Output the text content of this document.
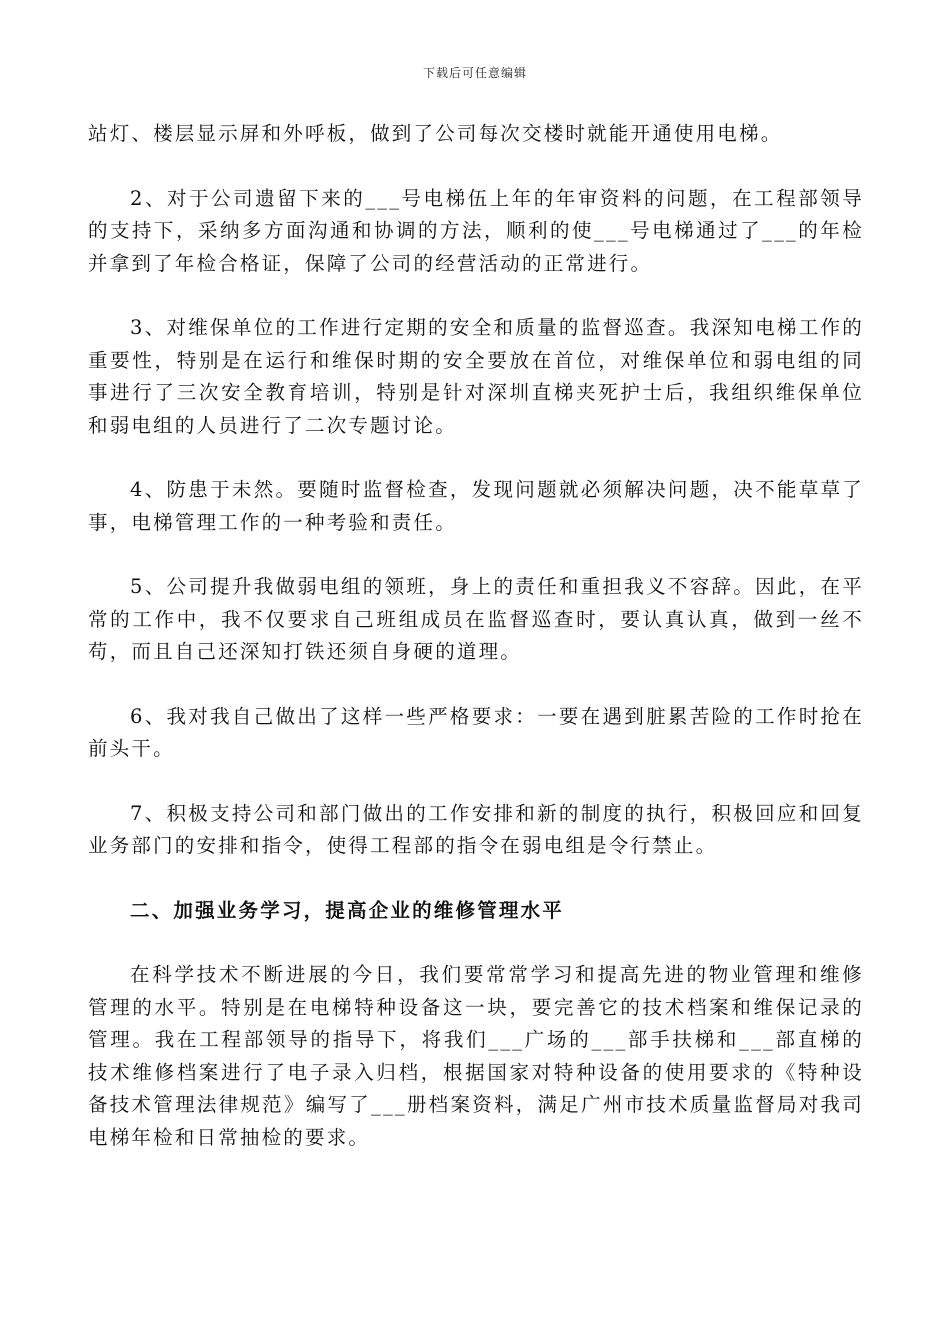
下载后可任意编辑

站灯、楼层显示屏和外呼板，做到了公司每次交楼时就能开通使用电梯。

2、对于公司遗留下来的___号电梯伍上年的年审资料的问题，在工程部领导的支持下，采纳多方面沟通和协调的方法，顺利的使___号电梯通过了___的年检并拿到了年检合格证，保障了公司的经营活动的正常进行。

3、对维保单位的工作进行定期的安全和质量的监督巡查。我深知电梯工作的重要性，特别是在运行和维保时期的安全要放在首位，对维保单位和弱电组的同事进行了三次安全教育培训，特别是针对深圳直梯夹死护士后，我组织维保单位和弱电组的人员进行了二次专题讨论。

4、防患于未然。要随时监督检查，发现问题就必须解决问题，决不能草草了事，电梯管理工作的一种考验和责任。

5、公司提升我做弱电组的领班，身上的责任和重担我义不容辞。因此，在平常的工作中，我不仅要求自己班组成员在监督巡查时，要认真认真，做到一丝不苟，而且自己还深知打铁还须自身硬的道理。

6、我对我自己做出了这样一些严格要求：一要在遇到脏累苦险的工作时抢在前头干。

7、积极支持公司和部门做出的工作安排和新的制度的执行，积极回应和回复业务部门的安排和指令，使得工程部的指令在弱电组是令行禁止。

二、加强业务学习，提高企业的维修管理水平

在科学技术不断进展的今日，我们要常常学习和提高先进的物业管理和维修管理的水平。特别是在电梯特种设备这一块，要完善它的技术档案和维保记录的管理。我在工程部领导的指导下，将我们___广场的___部手扶梯和___部直梯的技术维修档案进行了电子录入归档，根据国家对特种设备的使用要求的《特种设备技术管理法律规范》编写了___册档案资料，满足广州市技术质量监督局对我司电梯年检和日常抽检的要求。
